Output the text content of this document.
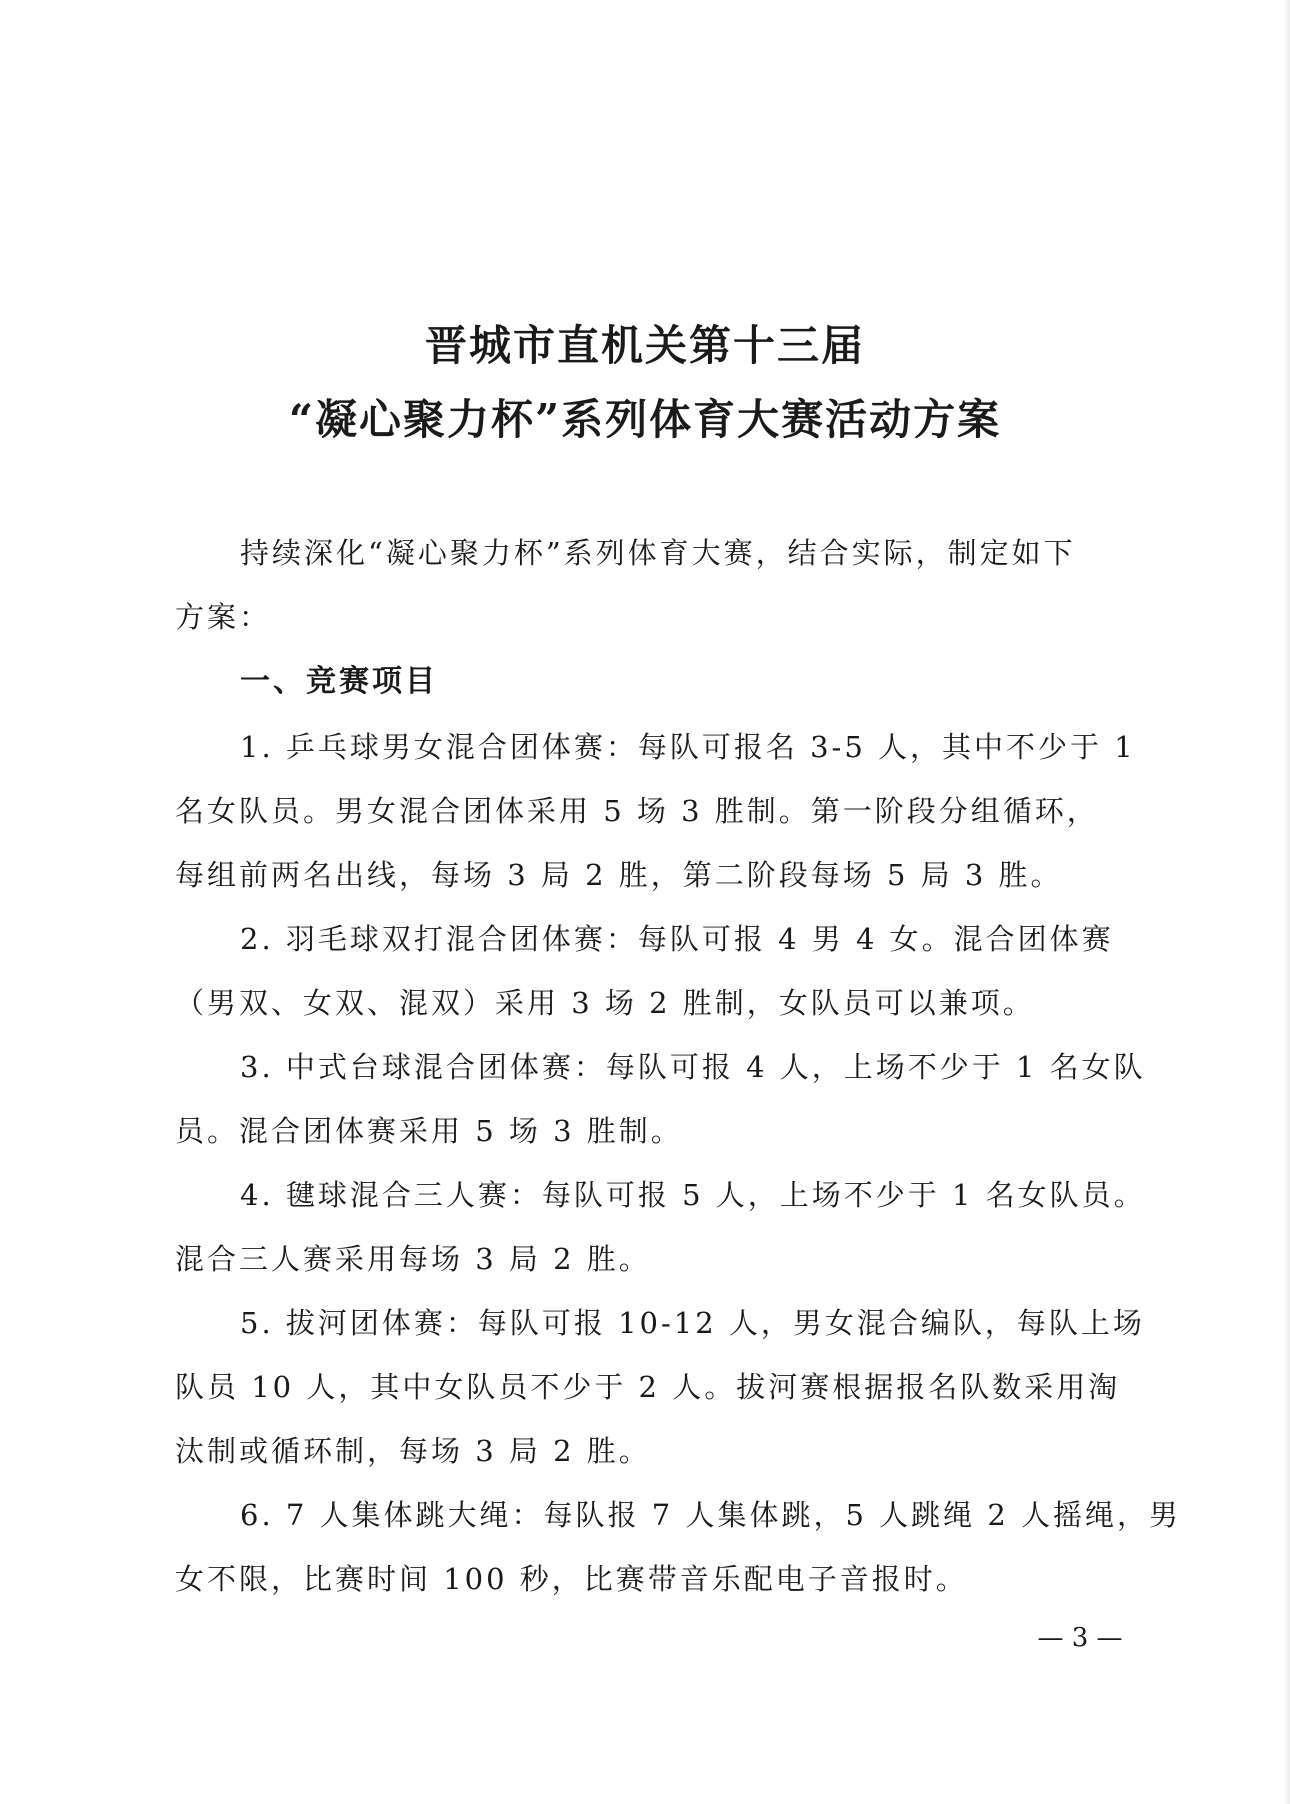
晋城市直机关第十三届
“凝心聚力杯”系列体育大赛活动方案
持续深化“凝心聚力杯”系列体育大赛，结合实际，制定如下
方案：
一、竞赛项目
1. 乒乓球男女混合团体赛：每队可报名 3-5 人，其中不少于 1
名女队员。男女混合团体采用 5 场 3 胜制。第一阶段分组循环，
每组前两名出线，每场 3 局 2 胜，第二阶段每场 5 局 3 胜。
2. 羽毛球双打混合团体赛：每队可报 4 男 4 女。混合团体赛
（男双、女双、混双）采用 3 场 2 胜制，女队员可以兼项。
3. 中式台球混合团体赛：每队可报 4 人，上场不少于 1 名女队
员。混合团体赛采用 5 场 3 胜制。
4. 毽球混合三人赛：每队可报 5 人，上场不少于 1 名女队员。
混合三人赛采用每场 3 局 2 胜。
5. 拔河团体赛：每队可报 10-12 人，男女混合编队，每队上场
队员 10 人，其中女队员不少于 2 人。拔河赛根据报名队数采用淘
汰制或循环制，每场 3 局 2 胜。
6. 7 人集体跳大绳：每队报 7 人集体跳，5 人跳绳 2 人摇绳，男
女不限，比赛时间 100 秒，比赛带音乐配电子音报时。
— 3 —
